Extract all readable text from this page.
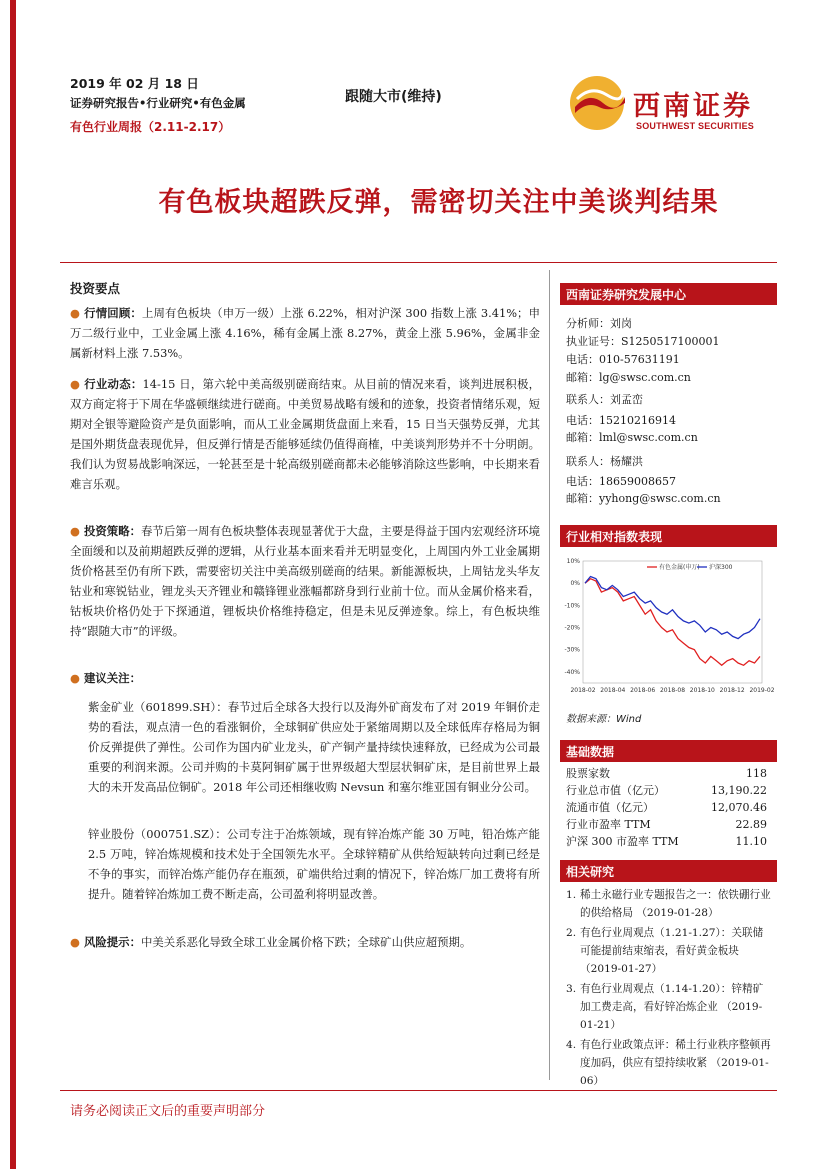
2019 年 02 月 18 日
证券研究报告•行业研究•有色金属
有色行业周报（2.11-2.17）
跟随大市(维持)	西南证券
SOUTHWEST SECURITIES
有色板块超跌反弹，需密切关注中美谈判结果
投资要点
● 行情回顾：上周有色板块（申万一级）上涨 6.22%，相对沪深 300 指数上涨 3.41%；申万二级行业中，工业金属上涨 4.16%，稀有金属上涨 8.27%，黄金上涨 5.96%，金属非金属新材料上涨 7.53%。
● 行业动态：14-15 日，第六轮中美高级别磋商结束。从目前的情况来看，谈判进展积极，双方商定将于下周在华盛顿继续进行磋商。中美贸易战略有缓和的迹象，投资者情绪乐观，短期对全银等避险资产是负面影响，而从工业金属期货盘面上来看，15 日当天强势反弹，尤其是国外期货盘表现优异，但反弹行情是否能够延续仍值得商榷，中美谈判形势并不十分明朗。我们认为贸易战影响深远，一轮甚至是十轮高级别磋商都未必能够消除这些影响，中长期来看难言乐观。
● 投资策略：春节后第一周有色板块整体表现显著优于大盘，主要是得益于国内宏观经济环境全面缓和以及前期超跌反弹的逻辑，从行业基本面来看并无明显变化，上周国内外工业金属期货价格甚至仍有所下跌，需要密切关注中美高级别磋商的结果。新能源板块，上周钴龙头华友钴业和寒锐钴业，锂龙头天齐锂业和赣锋锂业涨幅都跻身到行业前十位。而从金属价格来看，钴板块价格仍处于下探通道，锂板块价格维持稳定，但是未见反弹迹象。综上，有色板块维持“跟随大市”的评级。
● 建议关注：
紫金矿业（601899.SH）：春节过后全球各大投行以及海外矿商发布了对 2019 年铜价走势的看法，观点清一色的看涨铜价，全球铜矿供应处于紧缩周期以及全球低库存格局为铜价反弹提供了弹性。公司作为国内矿业龙头，矿产铜产量持续快速释放，已经成为公司最重要的利润来源。公司并购的卡莫阿铜矿属于世界级超大型层状铜矿床，是目前世界上最大的未开发高品位铜矿。2018 年公司还相继收购 Nevsun 和塞尔维亚国有铜业分公司。
锌业股份（000751.SZ）：公司专注于冶炼领域，现有锌冶炼产能 30 万吨，铅冶炼产能 2.5 万吨，锌冶炼规模和技术处于全国领先水平。全球锌精矿从供给短缺转向过剩已经是不争的事实，而锌冶炼产能仍存在瓶颈，矿端供给过剩的情况下，锌冶炼厂加工费将有所提升。随着锌冶炼加工费不断走高，公司盈利将明显改善。
● 风险提示：中美关系恶化导致全球工业金属价格下跌；全球矿山供应超预期。
西南证券研究发展中心
分析师：刘岗
执业证号：S1250517100001
电话：010-57631191
邮箱：lg@swsc.com.cn
联系人：刘孟峦
电话：15210216914
邮箱：lml@swsc.com.cn
联系人：杨耀洪
电话：18659008657
邮箱：yyhong@swsc.com.cn
行业相对指数表现
10%
0%
-10%
-20%
-30%
-40%
2018-02 2018-04 2018-06 2018-08 2018-10 2018-12 2019-02
有色金属(申万) 沪深300
数据来源：Wind
基础数据
股票家数	118
行业总市值（亿元）	13,190.22
流通市值（亿元）	12,070.46
行业市盈率 TTM	22.89
沪深 300 市盈率 TTM	11.10
相关研究
1. 稀土永磁行业专题报告之一：依铁硼行业的供给格局 （2019-01-28）
2. 有色行业周观点（1.21-1.27）：关联储可能提前结束缩表，看好黄金板块 （2019-01-27）
3. 有色行业周观点（1.14-1.20）：锌精矿加工费走高，看好锌冶炼企业 （2019-01-21）
4. 有色行业政策点评：稀土行业秩序整顿再度加码，供应有望持续收紧 （2019-01-06）
请务必阅读正文后的重要声明部分
